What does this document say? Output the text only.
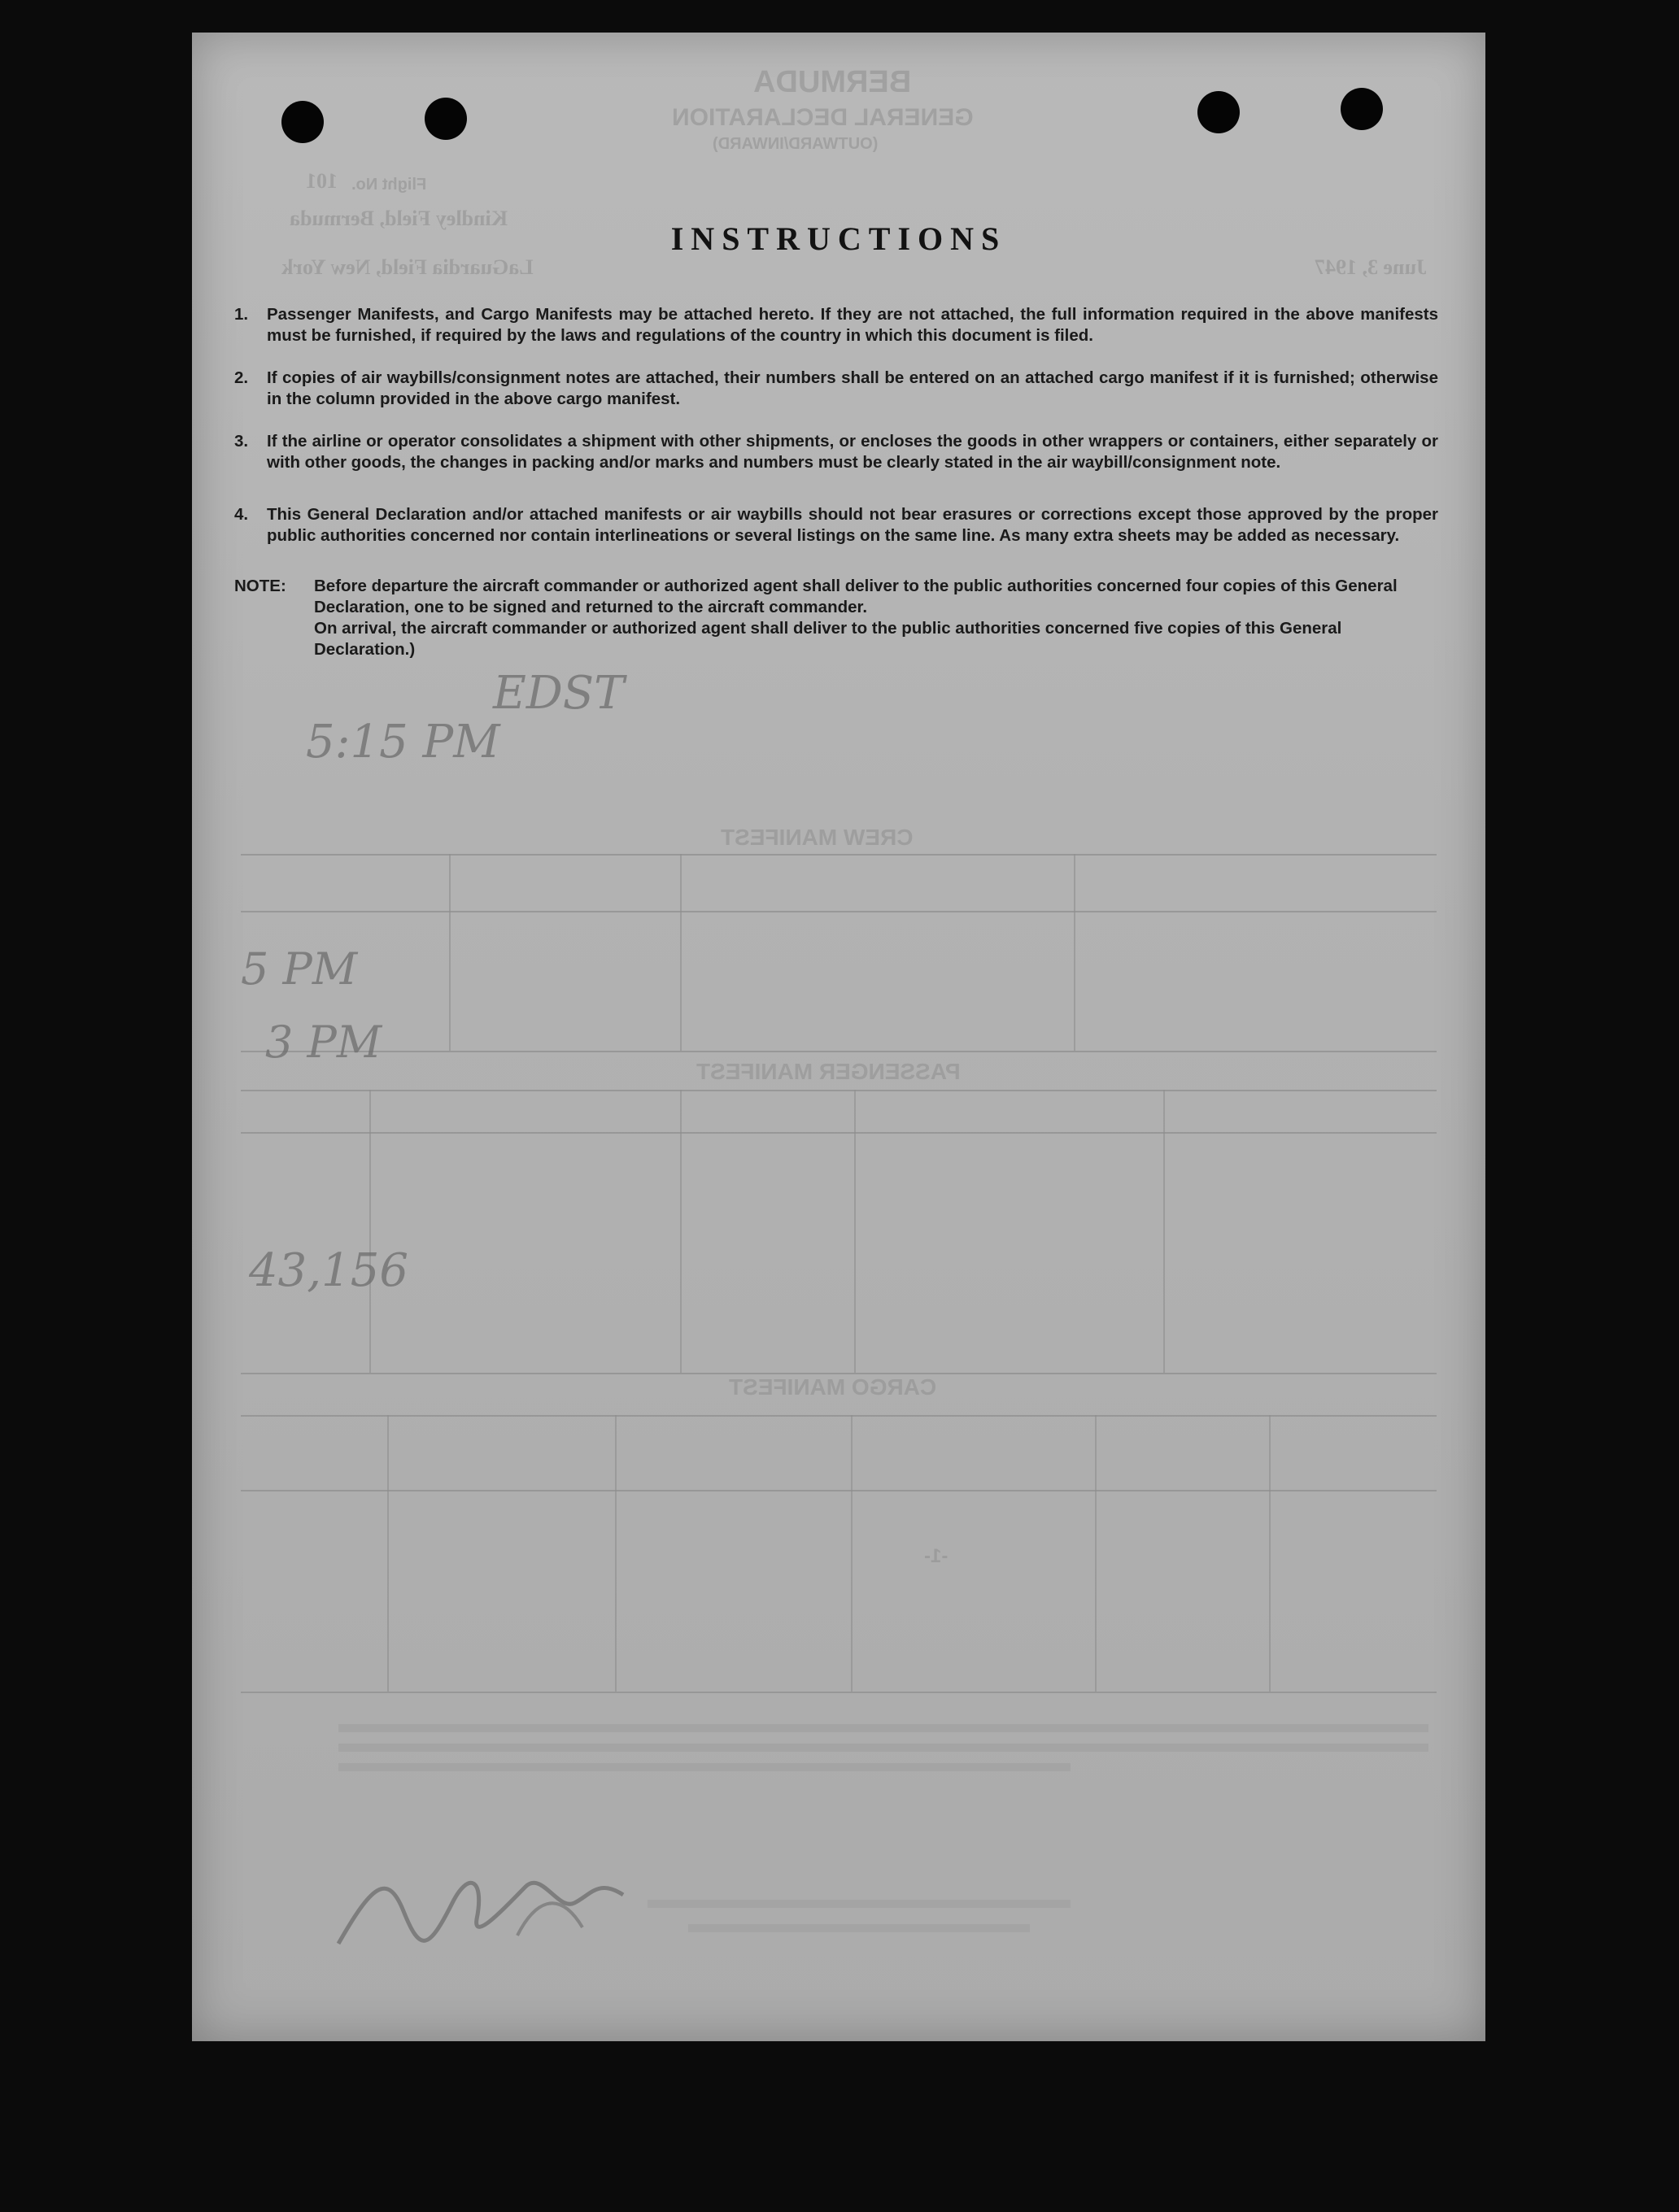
BERMUDA
GENERAL DECLARATION
(OUTWARD/INWARD)
Flight No.
101
Kindley Field, Bermuda
LaGuardia Field, New York	June 3, 1947
CREW MANIFEST
PASSENGER MANIFEST
CARGO MANIFEST
-1-
EDST
5:15 PM
5 PM
3 PM
43,156
INSTRUCTIONS
1.	Passenger Manifests, and Cargo Manifests may be attached hereto. If they are not attached, the full information required in the above manifests must be furnished, if required by the laws and regulations of the country in which this document is filed.
2.	If copies of air waybills/consignment notes are attached, their numbers shall be entered on an attached cargo manifest if it is furnished; otherwise in the column provided in the above cargo manifest.
3.	If the airline or operator consolidates a shipment with other shipments, or encloses the goods in other wrappers or containers, either separately or with other goods, the changes in packing and/or marks and numbers must be clearly stated in the air waybill/consignment note.
4.	This General Declaration and/or attached manifests or air waybills should not bear erasures or corrections except those approved by the proper public authorities concerned nor contain interlineations or several listings on the same line. As many extra sheets may be added as necessary.
NOTE: Before departure the aircraft commander or authorized agent shall deliver to the public authorities concerned four copies of this General Declaration, one to be signed and returned to the aircraft commander.
On arrival, the aircraft commander or authorized agent shall deliver to the public authorities concerned five copies of this General Declaration.)
